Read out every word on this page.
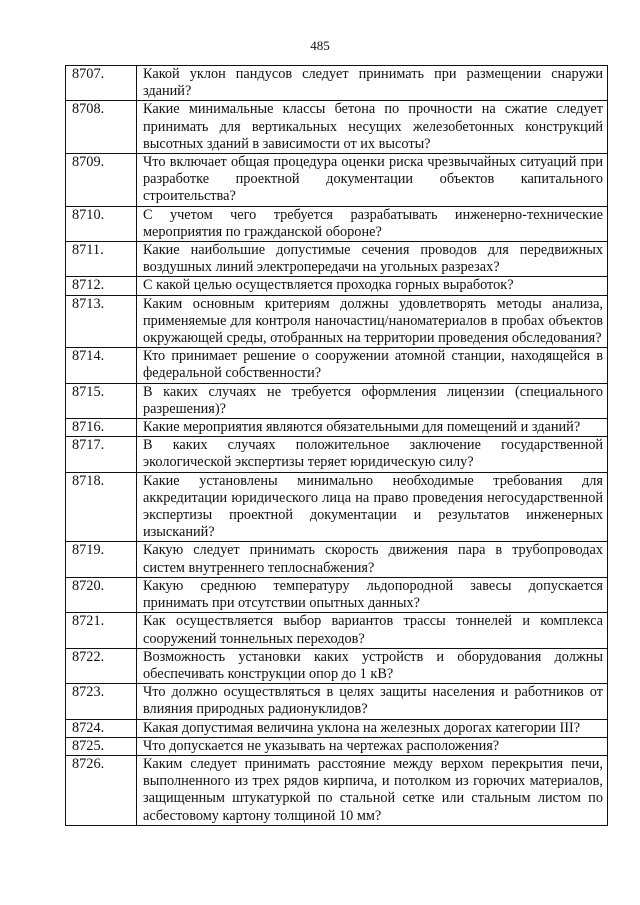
485
8707.	Какой уклон пандусов следует принимать при размещении снаружи зданий?
8708.	Какие минимальные классы бетона по прочности на сжатие следует принимать для вертикальных несущих железобетонных конструкций высотных зданий в зависимости от их высоты?
8709.	Что включает общая процедура оценки риска чрезвычайных ситуаций при разработке проектной документации объектов капитального строительства?
8710.	С учетом чего требуется разрабатывать инженерно-технические мероприятия по гражданской обороне?
8711.	Какие наибольшие допустимые сечения проводов для передвижных воздушных линий электропередачи на угольных разрезах?
8712.	С какой целью осуществляется проходка горных выработок?
8713.	Каким основным критериям должны удовлетворять методы анализа, применяемые для контроля наночастиц/наноматериалов в пробах объектов окружающей среды, отобранных на территории проведения обследования?
8714.	Кто принимает решение о сооружении атомной станции, находящейся в федеральной собственности?
8715.	В каких случаях не требуется оформления лицензии (специального разрешения)?
8716.	Какие мероприятия являются обязательными для помещений и зданий?
8717.	В каких случаях положительное заключение государственной экологической экспертизы теряет юридическую силу?
8718.	Какие установлены минимально необходимые требования для аккредитации юридического лица на право проведения негосударственной экспертизы проектной документации и результатов инженерных изысканий?
8719.	Какую следует принимать скорость движения пара в трубопроводах систем внутреннего теплоснабжения?
8720.	Какую среднюю температуру льдопородной завесы допускается принимать при отсутствии опытных данных?
8721.	Как осуществляется выбор вариантов трассы тоннелей и комплекса сооружений тоннельных переходов?
8722.	Возможность установки каких устройств и оборудования должны обеспечивать конструкции опор до 1 кВ?
8723.	Что должно осуществляться в целях защиты населения и работников от влияния природных радионуклидов?
8724.	Какая допустимая величина уклона на железных дорогах категории III?
8725.	Что допускается не указывать на чертежах расположения?
8726.	Каким следует принимать расстояние между верхом перекрытия печи, выполненного из трех рядов кирпича, и потолком из горючих материалов, защищенным штукатуркой по стальной сетке или стальным листом по асбестовому картону толщиной 10 мм?
